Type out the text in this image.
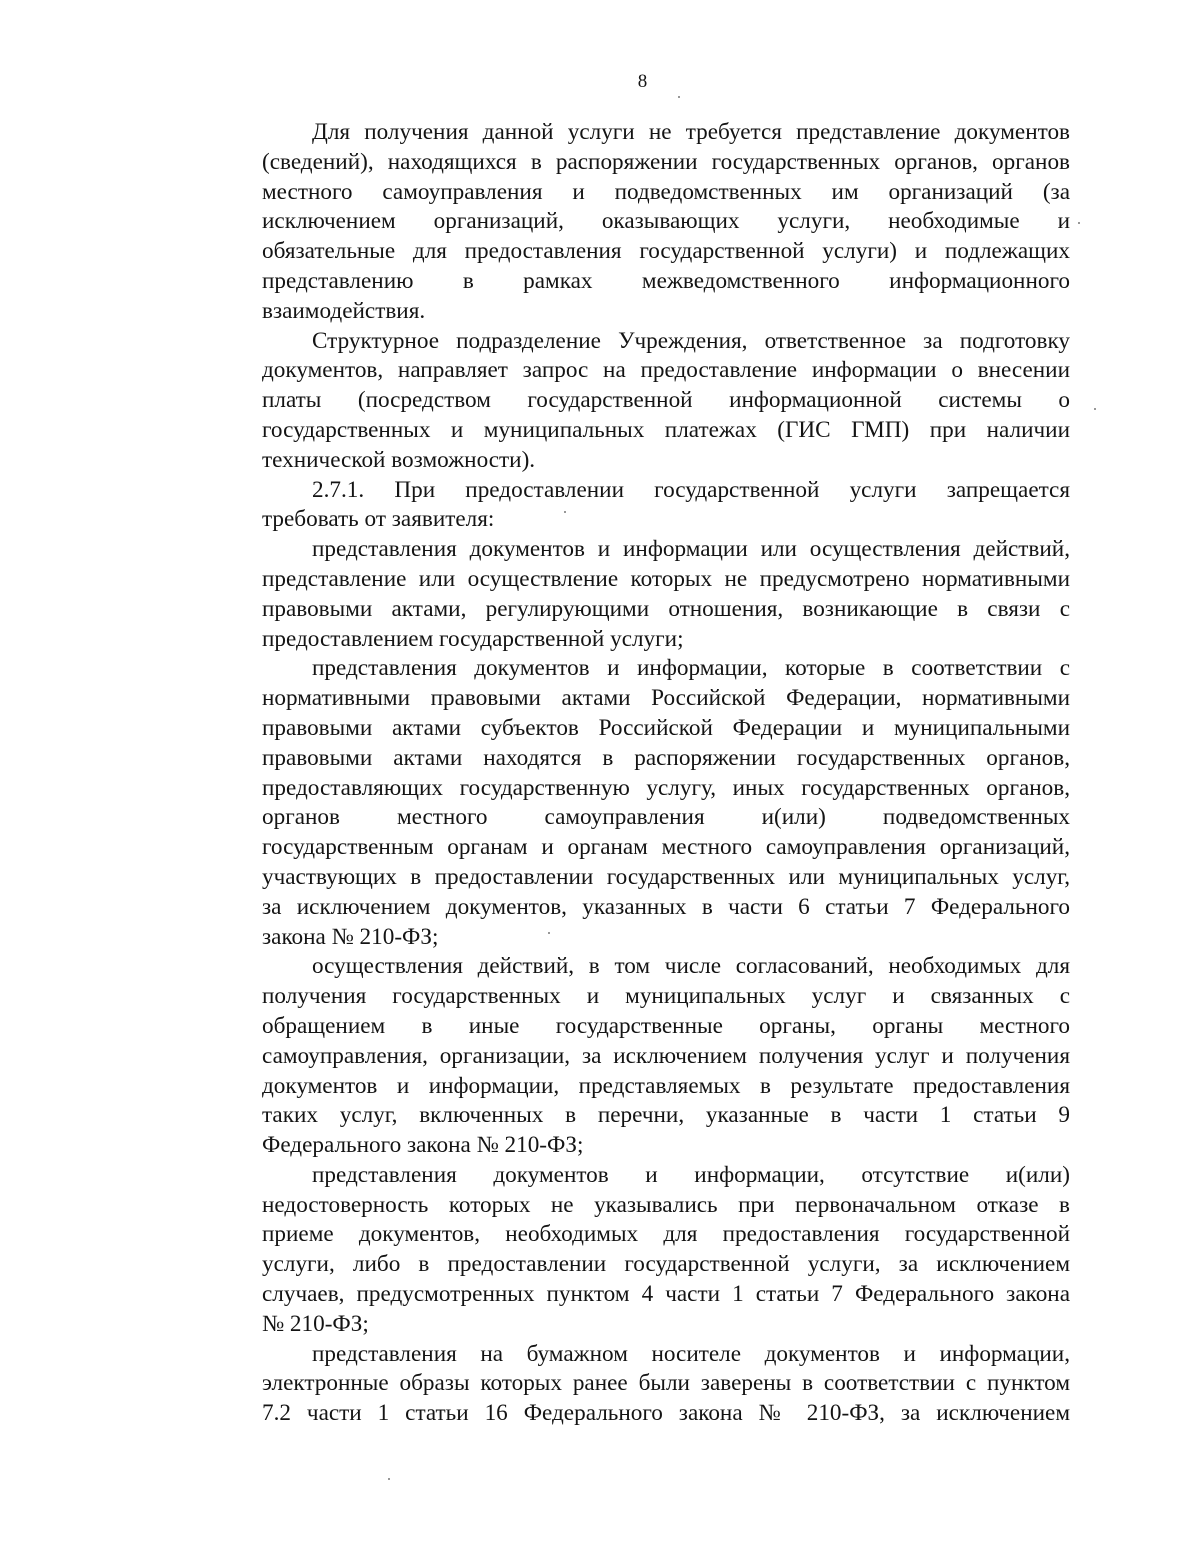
8
Для получения данной услуги не требуется представление документов
(сведений), находящихся в распоряжении государственных органов, органов
местного самоуправления и подведомственных им организаций (за
исключением организаций, оказывающих услуги, необходимые и
обязательные для предоставления государственной услуги) и подлежащих
представлению в рамках межведомственного информационного
взаимодействия.
Структурное подразделение Учреждения, ответственное за подготовку
документов, направляет запрос на предоставление информации о внесении
платы (посредством государственной информационной системы о
государственных и муниципальных платежах (ГИС ГМП) при наличии
технической возможности).
2.7.1. При предоставлении государственной услуги запрещается
требовать от заявителя:
представления документов и информации или осуществления действий,
представление или осуществление которых не предусмотрено нормативными
правовыми актами, регулирующими отношения, возникающие в связи с
предоставлением государственной услуги;
представления документов и информации, которые в соответствии с
нормативными правовыми актами Российской Федерации, нормативными
правовыми актами субъектов Российской Федерации и муниципальными
правовыми актами находятся в распоряжении государственных органов,
предоставляющих государственную услугу, иных государственных органов,
органов местного самоуправления и(или) подведомственных
государственным органам и органам местного самоуправления организаций,
участвующих в предоставлении государственных или муниципальных услуг,
за исключением документов, указанных в части 6 статьи 7 Федерального
закона № 210-ФЗ;
осуществления действий, в том числе согласований, необходимых для
получения государственных и муниципальных услуг и связанных с
обращением в иные государственные органы, органы местного
самоуправления, организации, за исключением получения услуг и получения
документов и информации, представляемых в результате предоставления
таких услуг, включенных в перечни, указанные в части 1 статьи 9
Федерального закона № 210-ФЗ;
представления документов и информации, отсутствие и(или)
недостоверность которых не указывались при первоначальном отказе в
приеме документов, необходимых для предоставления государственной
услуги, либо в предоставлении государственной услуги, за исключением
случаев, предусмотренных пунктом 4 части 1 статьи 7 Федерального закона
№ 210-ФЗ;
представления на бумажном носителе документов и информации,
электронные образы которых ранее были заверены в соответствии с пунктом
7.2 части 1 статьи 16 Федерального закона № 210-ФЗ, за исключением
